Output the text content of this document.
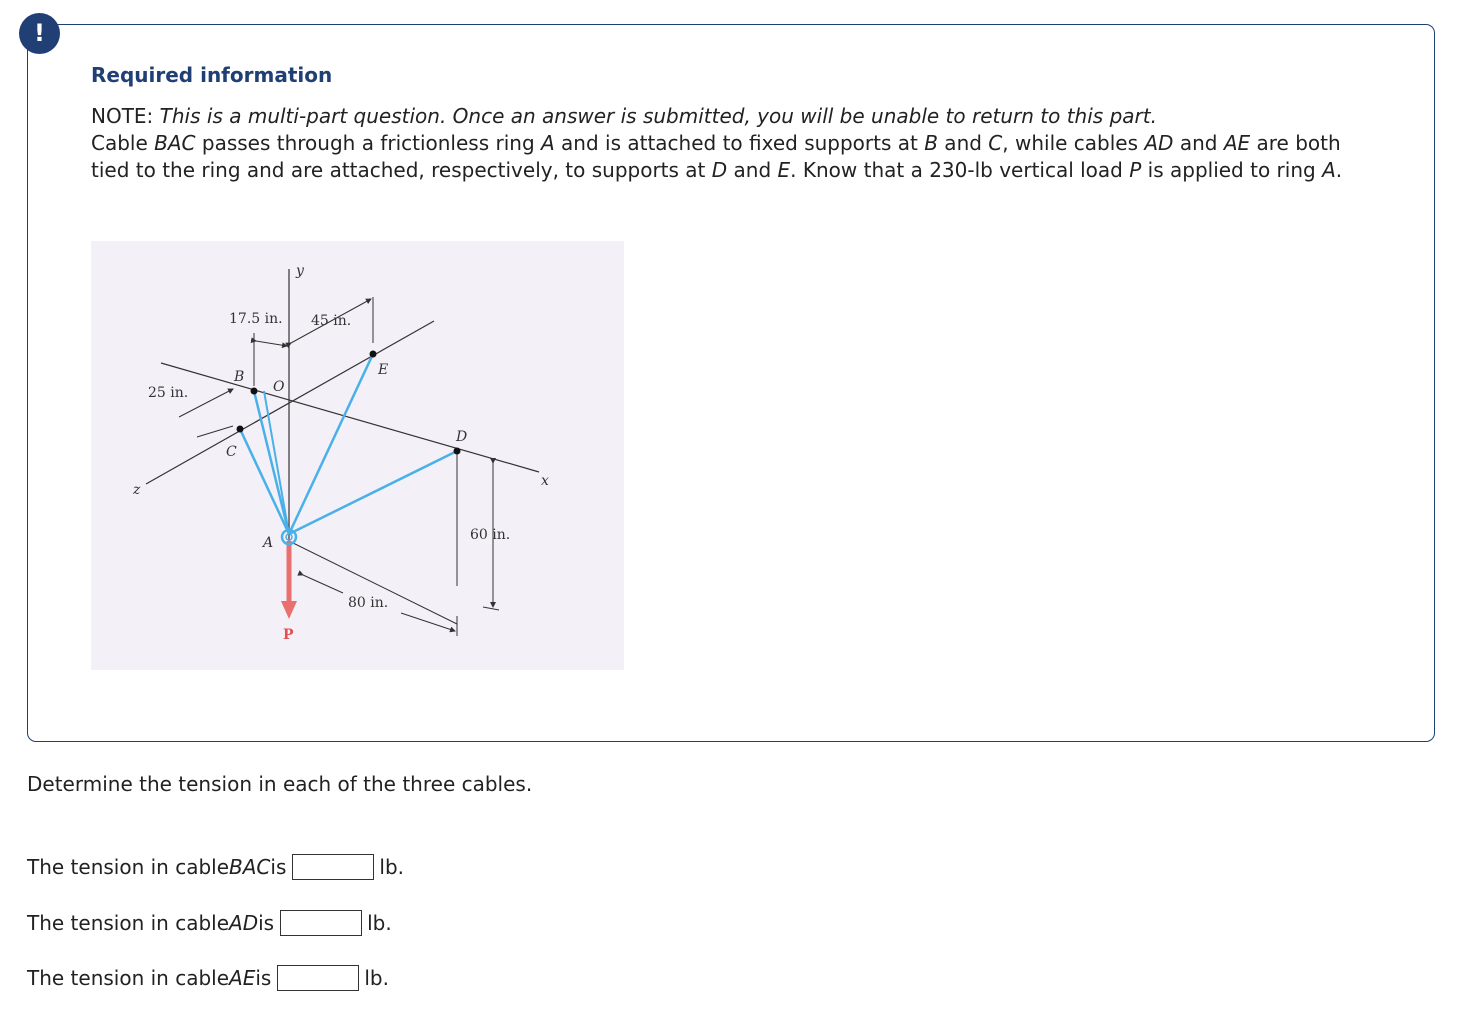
!
Required information

NOTE: This is a multi-part question. Once an answer is submitted, you will be unable to return to this part.

Cable BAC passes through a frictionless ring A and is attached to fixed supports at B and C, while cables AD and AE are both tied to the ring and are attached, respectively, to supports at D and E. Know that a 230-lb vertical load P is applied to ring A.

y
x
z
B
O
C
E
D
A
P
17.5 in. 45 in.
25 in.
60 in.
80 in.

Determine the tension in each of the three cables.

The tension in cable BAC is	lb.
The tension in cable AD is	lb.
The tension in cable AE is	lb.
